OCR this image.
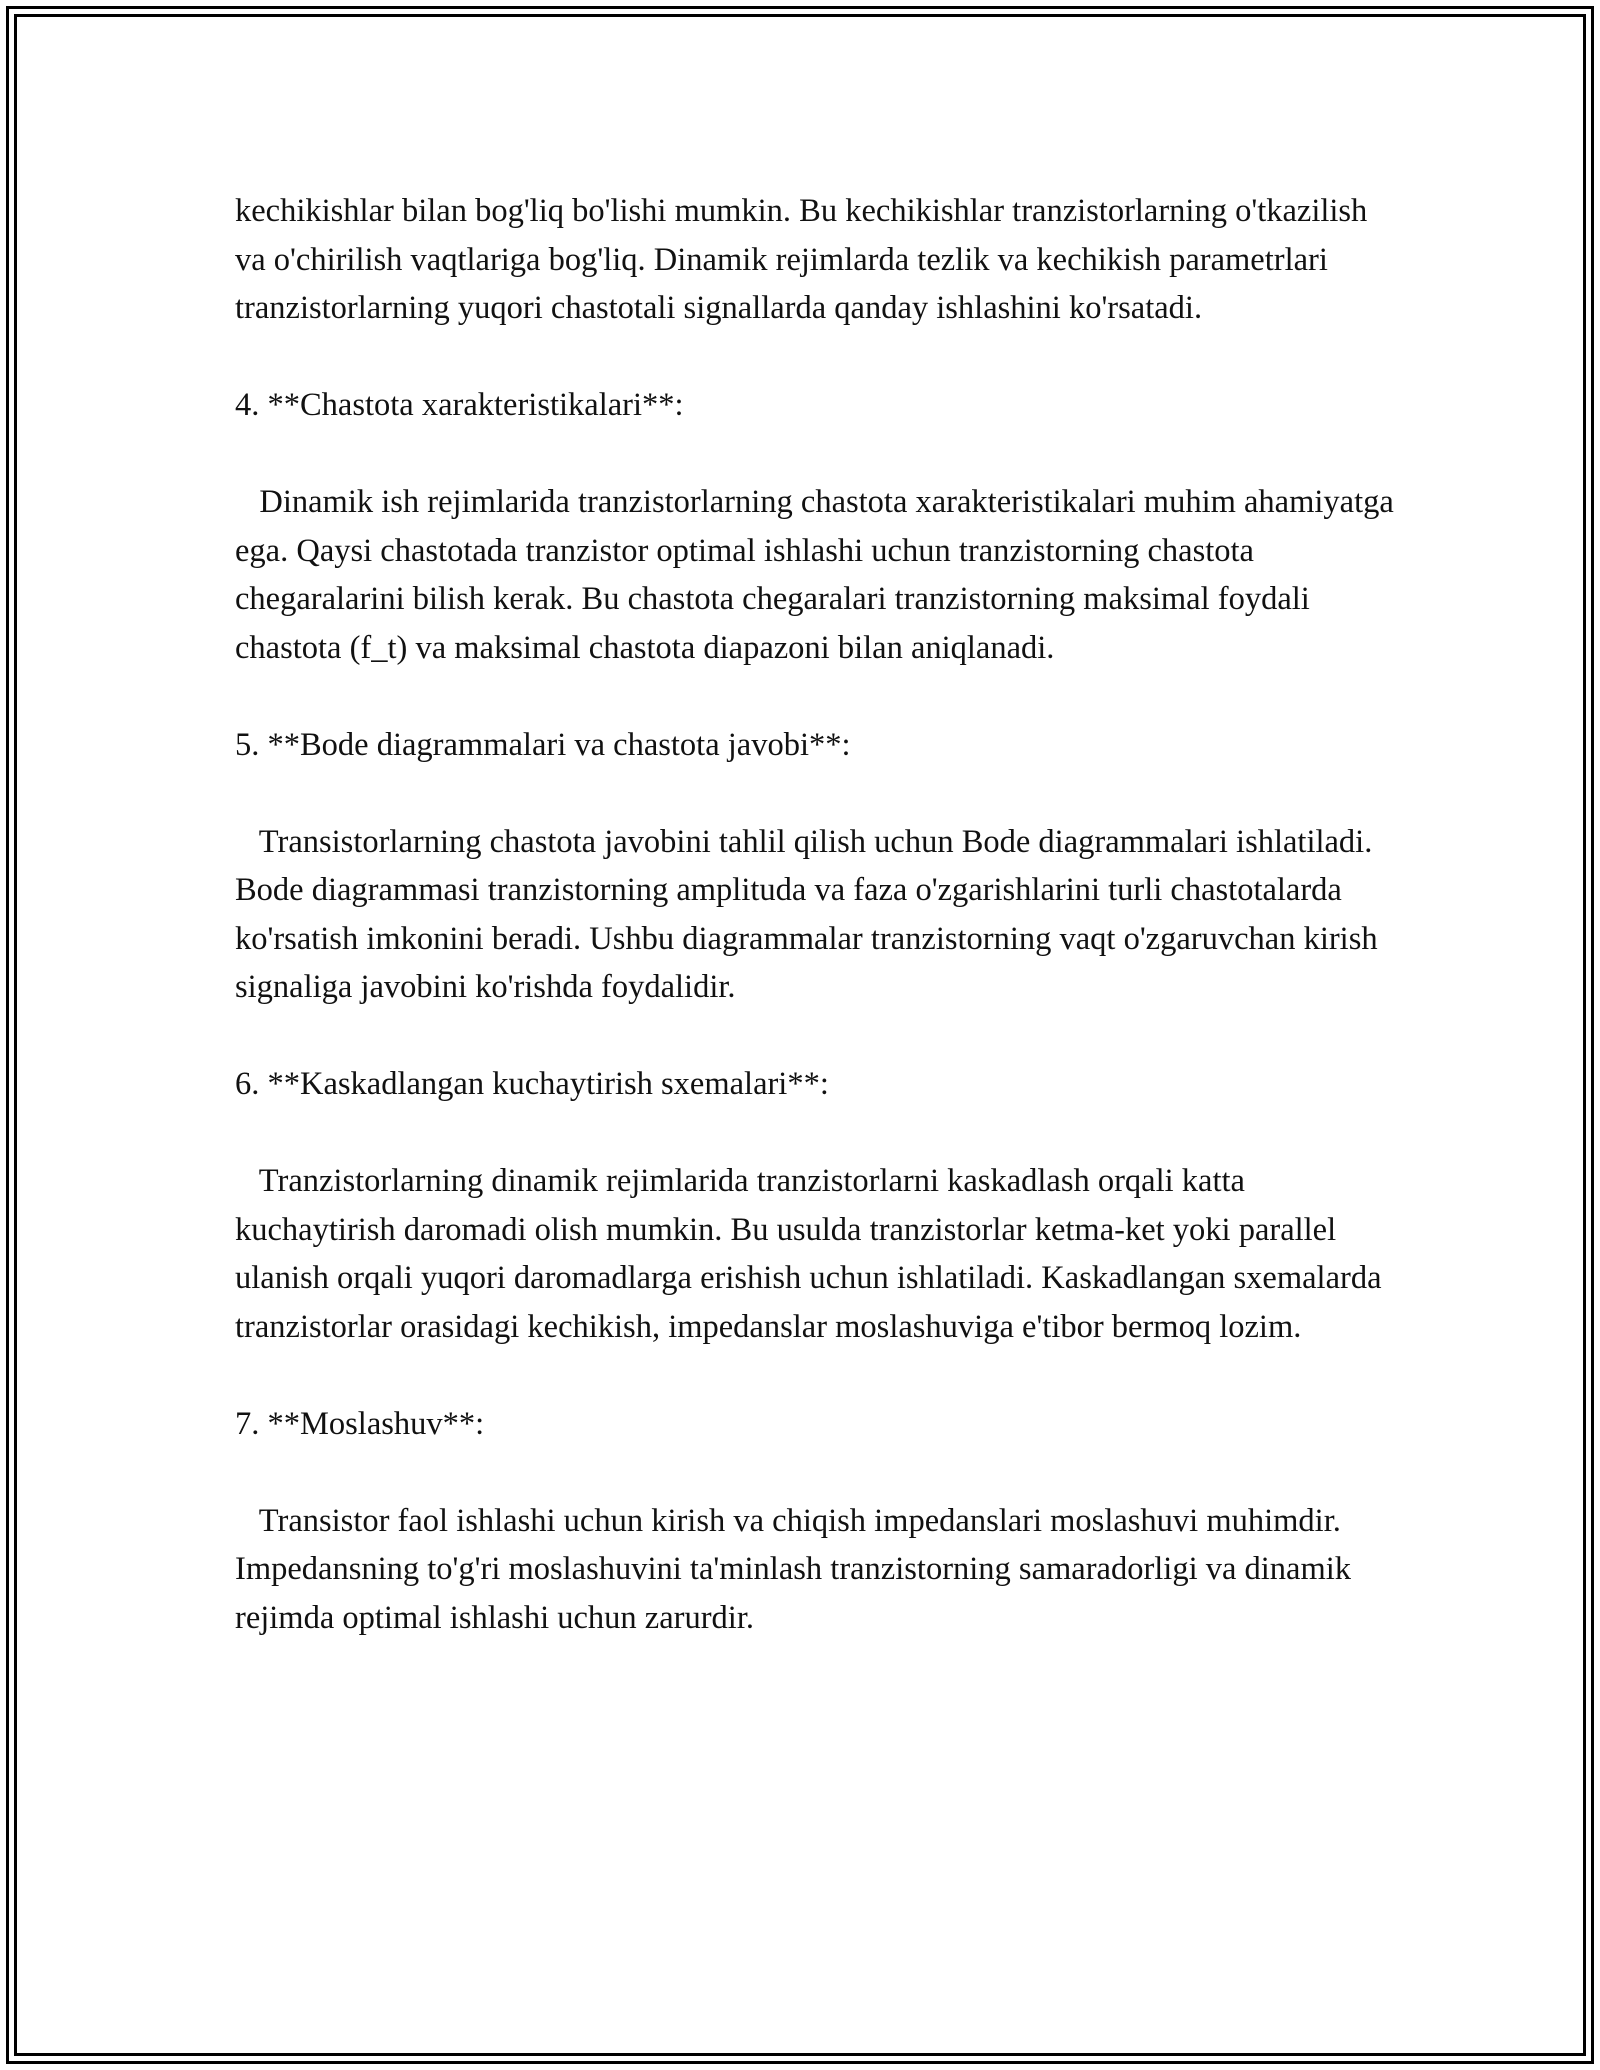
kechikishlar bilan bog'liq bo'lishi mumkin. Bu kechikishlar tranzistorlarning o'tkazilish va o'chirilish vaqtlariga bog'liq. Dinamik rejimlarda tezlik va kechikish parametrlari tranzistorlarning yuqori chastotali signallarda qanday ishlashini ko'rsatadi.

4. **Chastota xarakteristikalari**:

Dinamik ish rejimlarida tranzistorlarning chastota xarakteristikalari muhim ahamiyatga ega. Qaysi chastotada tranzistor optimal ishlashi uchun tranzistorning chastota chegaralarini bilish kerak. Bu chastota chegaralari tranzistorning maksimal foydali chastota (f_t) va maksimal chastota diapazoni bilan aniqlanadi.

5. **Bode diagrammalari va chastota javobi**:

Transistorlarning chastota javobini tahlil qilish uchun Bode diagrammalari ishlatiladi. Bode diagrammasi tranzistorning amplituda va faza o'zgarishlarini turli chastotalarda ko'rsatish imkonini beradi. Ushbu diagrammalar tranzistorning vaqt o'zgaruvchan kirish signaliga javobini ko'rishda foydalidir.

6. **Kaskadlangan kuchaytirish sxemalari**:

Tranzistorlarning dinamik rejimlarida tranzistorlarni kaskadlash orqali katta kuchaytirish daromadi olish mumkin. Bu usulda tranzistorlar ketma-ket yoki parallel ulanish orqali yuqori daromadlarga erishish uchun ishlatiladi. Kaskadlangan sxemalarda tranzistorlar orasidagi kechikish, impedanslar moslashuviga e'tibor bermoq lozim.

7. **Moslashuv**:

Transistor faol ishlashi uchun kirish va chiqish impedanslari moslashuvi muhimdir. Impedansning to'g'ri moslashuvini ta'minlash tranzistorning samaradorligi va dinamik rejimda optimal ishlashi uchun zarurdir.
